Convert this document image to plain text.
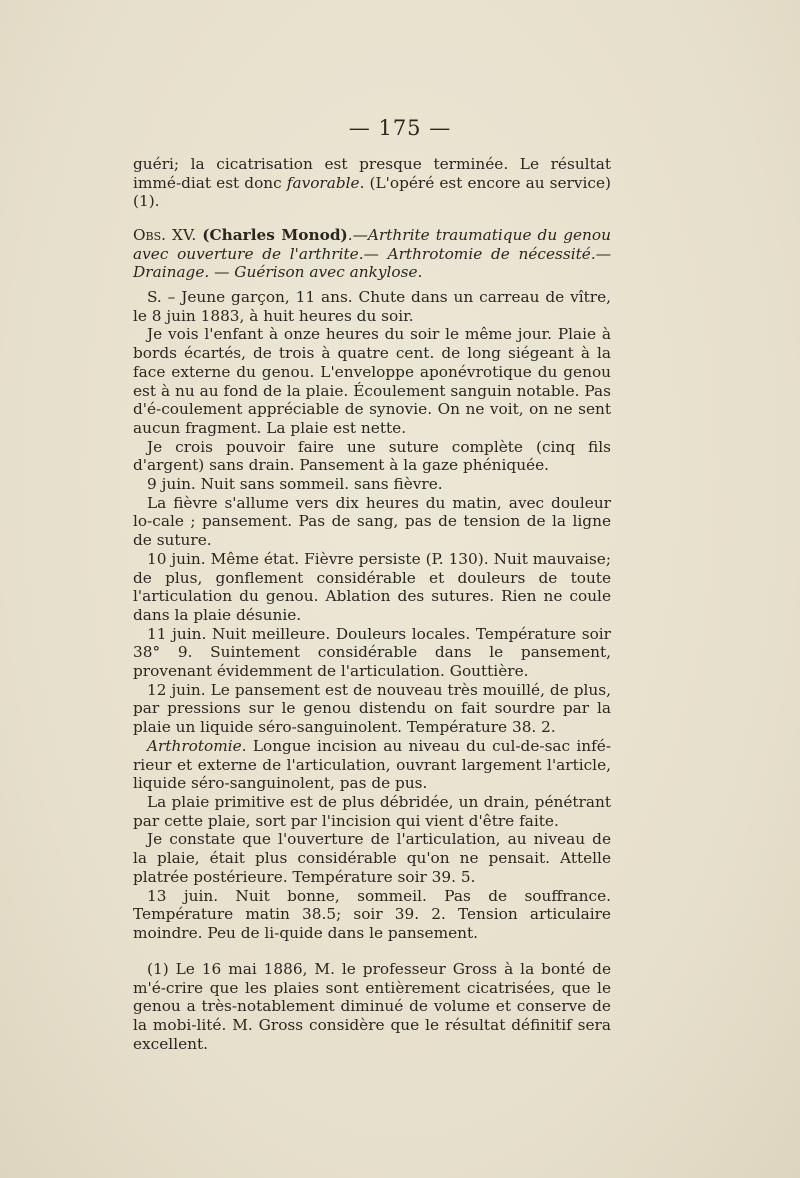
— 175 —

guéri; la cicatrisation est presque terminée. Le résultat immé-diat est donc favorable. (L'opéré est encore au service) (1).

Obs. XV. (Charles Monod).—Arthrite traumatique du genou avec ouverture de l'arthrite.— Arthrotomie de nécessité.— Drainage. — Guérison avec ankylose.

S. – Jeune garçon, 11 ans. Chute dans un carreau de vître, le 8 juin 1883, à huit heures du soir.

Je vois l'enfant à onze heures du soir le même jour. Plaie à bords écartés, de trois à quatre cent. de long siégeant à la face externe du genou. L'enveloppe aponévrotique du genou est à nu au fond de la plaie. Écoulement sanguin notable. Pas d'é-coulement appréciable de synovie. On ne voit, on ne sent aucun fragment. La plaie est nette.

Je crois pouvoir faire une suture complète (cinq fils d'argent) sans drain. Pansement à la gaze phéniquée.

9 juin. Nuit sans sommeil. sans fièvre.

La fièvre s'allume vers dix heures du matin, avec douleur lo-cale ; pansement. Pas de sang, pas de tension de la ligne de suture.

10 juin. Même état. Fièvre persiste (P. 130). Nuit mauvaise; de plus, gonflement considérable et douleurs de toute l'articulation du genou. Ablation des sutures. Rien ne coule dans la plaie désunie.

11 juin. Nuit meilleure. Douleurs locales. Température soir 38° 9. Suintement considérable dans le pansement, provenant évidemment de l'articulation. Gouttière.

12 juin. Le pansement est de nouveau très mouillé, de plus, par pressions sur le genou distendu on fait sourdre par la plaie un liquide séro-sanguinolent. Température 38. 2.

Arthrotomie. Longue incision au niveau du cul-de-sac infé-rieur et externe de l'articulation, ouvrant largement l'article, liquide séro-sanguinolent, pas de pus.

La plaie primitive est de plus débridée, un drain, pénétrant par cette plaie, sort par l'incision qui vient d'être faite.

Je constate que l'ouverture de l'articulation, au niveau de la plaie, était plus considérable qu'on ne pensait. Attelle platrée postérieure. Température soir 39. 5.

13 juin. Nuit bonne, sommeil. Pas de souffrance. Température matin 38.5; soir 39. 2. Tension articulaire moindre. Peu de li-quide dans le pansement.

(1) Le 16 mai 1886, M. le professeur Gross à la bonté de m'é-crire que les plaies sont entièrement cicatrisées, que le genou a très-notablement diminué de volume et conserve de la mobi-lité. M. Gross considère que le résultat définitif sera excellent.
